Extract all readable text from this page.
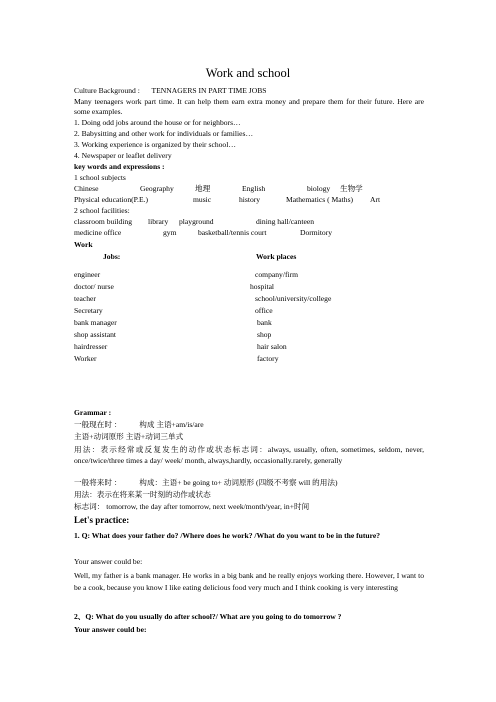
Work and school
Culture Background : TENNAGERS IN PART TIME JOBS
Many teenagers work part time. It can help them earn extra money and prepare them for their future. Here are some examples.
1. Doing odd jobs around the house or for neighbors…
2. Babysitting and other work for individuals or families…
3. Working experience is organized by their school…
4. Newspaper or leaflet delivery
key words and expressions :
1 school subjects
Chinese	Geography	地理	English	biology 生物学
Physical education(P.E.)	music	history	Mathematics ( Maths) Art
2 school facilities:
classroom building library playground	dining hall/canteen
medicine office	gym	basketball/tennis court	Dormitory
Work
Jobs:	Work places
engineer	company/firm
doctor/ nurse	hospital
teacher	school/university/college
Secretary	office
bank manager	bank
shop assistant	shop
hairdresser	hair salon
Worker	factory
Grammar :
一般现在时 ： 构成 主语+am/is/are
主语+动词原形 主语+动词三单式
用法：表示经常或反复发生的动作或状态标志词：always, usually, often, sometimes, seldom, never, once/twice/three times a day/ week/ month, always,hardly, occasionally.rarely, generally
一般将来时 ： 构成：主语+ be going to+ 动词原形 (四级不考察 will 的用法)
用法：表示在将来某一时刻的动作或状态
标志词： tomorrow, the day after tomorrow, next week/month/year, in+时间
Let's practice:
1. Q: What does your father do? /Where does he work? /What do you want to be in the future?
Your answer could be:
Well, my father is a bank manager. He works in a big bank and he really enjoys working there. However, I want to be a cook, because you know I like eating delicious food very much and I think cooking is very interesting
2、Q: What do you usually do after school?/ What are you going to do tomorrow ?
Your answer could be:
